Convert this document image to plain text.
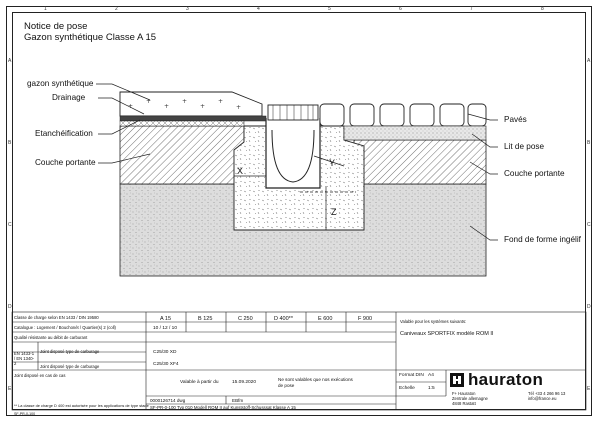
Notice de pose
Gazon synthétique Classe A 15
A
B
C
D
E
A
B
C
D
E
1	2	3	4	5	6	7	8
+
+
+
+
+
+
+
gazon synthétique
Drainage
Etanchéification
Couche portante
Pavés
Lit de pose
Couche portante
Fond de forme ingélif
X
Y
Z
Classe de charge selon EN 1433 / DIN 19580
Catalogue : Logement / Bouchonét / Quartier(s) 2 (coll)
Qualité résistante au débit de carburant
EN 1433-1 / EN 1340-2
Joint disposé type de carburage
Joint disposé type de carburage
Joint disposé en cas de cas
A 15	B 125	C 250	D 400**	E 600	F 900
10 / 12 / 10
C25/30 XD
C25/30 XF4
Valable pour les systèmes suivants:
Caniveaux SPORTFIX modèle ROM II
Valable à partir du	15.09.2020
Ne sont valables que nos exécutions de pose
Format DIN A4
Echelle	1:5
0000126714 dwg	EBfm
SF-PR-0-100 Typ 010 Modell ROM II auf Kunststoff-Schusssat Klasse A 15
** La classe de charge D 400 est autorisée pour les applications de type stade
hauraton
F+ Hauraton
Zentrale allemagne
4848 Rastatt
Tél +33 4 266 96 13
info@france.eu
SF-PR-0-100
